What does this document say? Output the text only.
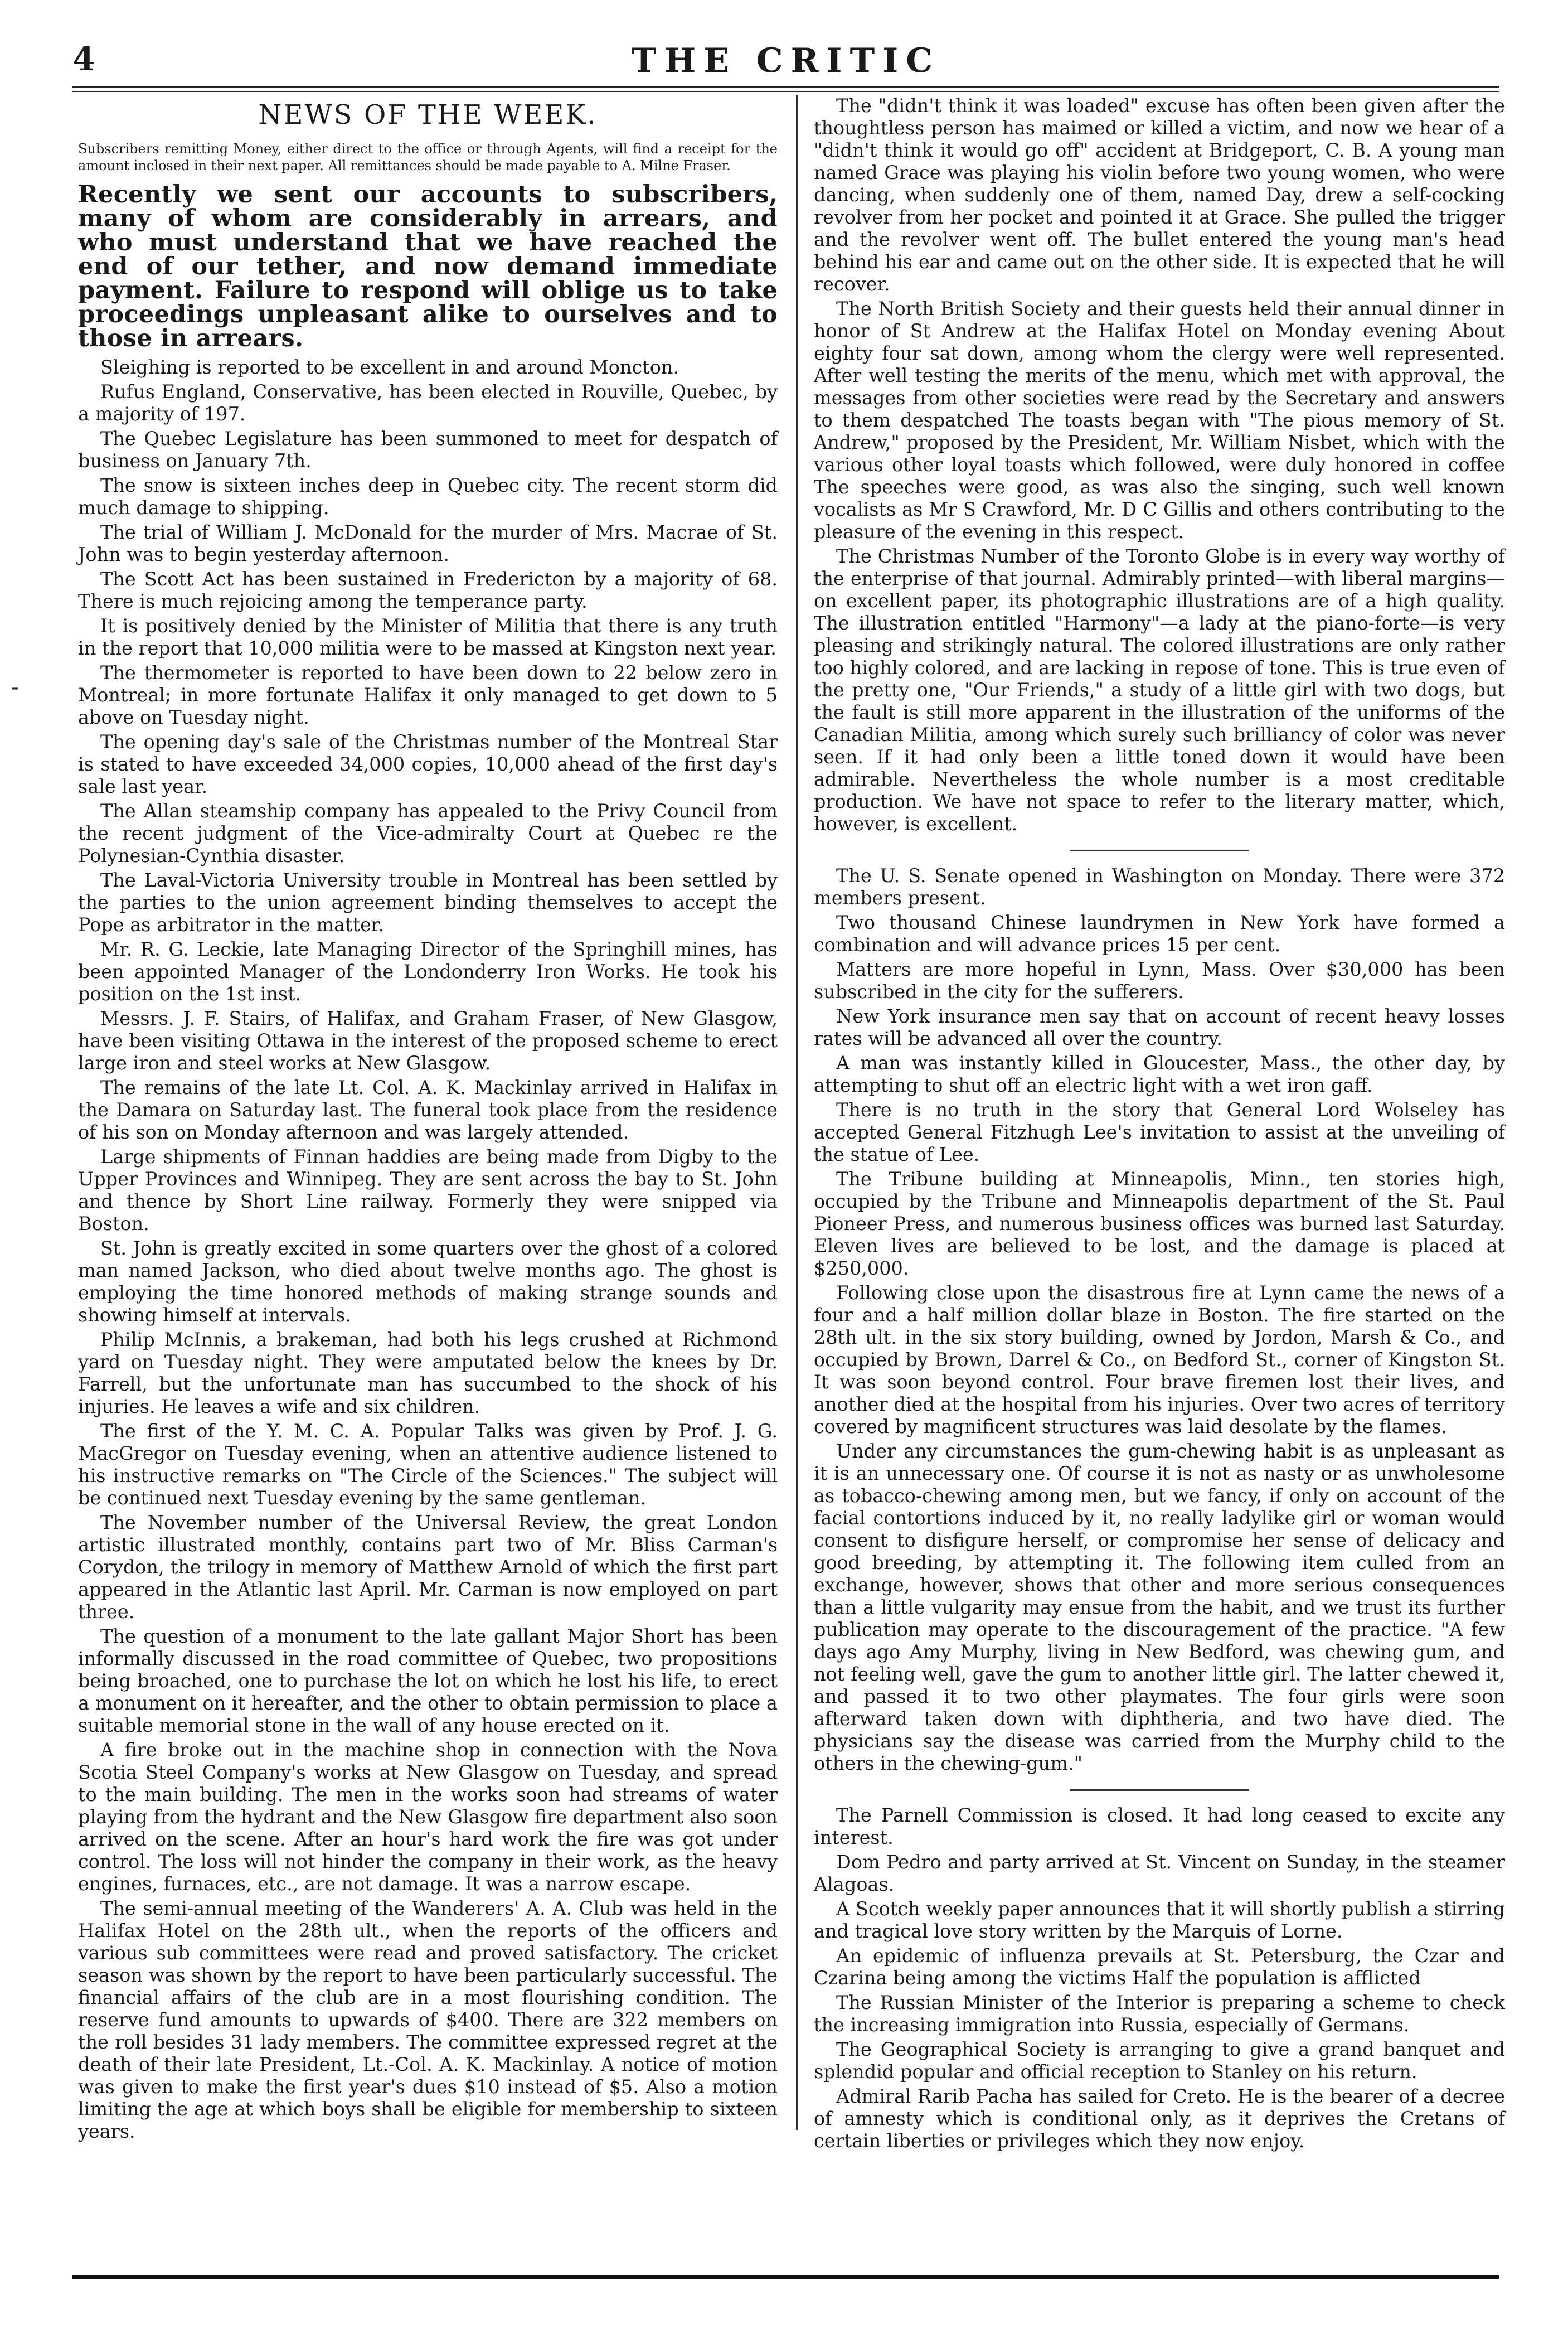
4	THE CRITIC
-
NEWS OF THE WEEK.

Subscribers remitting Money, either direct to the office or through Agents, will find a receipt for the amount inclosed in their next paper. All remittances should be made payable to A. Milne Fraser.

Recently we sent our accounts to subscribers, many of whom are considerably in arrears, and who must understand that we have reached the end of our tether, and now demand immediate payment. Failure to respond will oblige us to take proceedings unpleasant alike to ourselves and to those in arrears.

Sleighing is reported to be excellent in and around Moncton.

Rufus England, Conservative, has been elected in Rouville, Quebec, by a majority of 197.

The Quebec Legislature has been summoned to meet for despatch of business on January 7th.

The snow is sixteen inches deep in Quebec city. The recent storm did much damage to shipping.

The trial of William J. McDonald for the murder of Mrs. Macrae of St. John was to begin yesterday afternoon.

The Scott Act has been sustained in Fredericton by a majority of 68. There is much rejoicing among the temperance party.

It is positively denied by the Minister of Militia that there is any truth in the report that 10,000 militia were to be massed at Kingston next year.

The thermometer is reported to have been down to 22 below zero in Montreal; in more fortunate Halifax it only managed to get down to 5 above on Tuesday night.

The opening day's sale of the Christmas number of the Montreal Star is stated to have exceeded 34,000 copies, 10,000 ahead of the first day's sale last year.

The Allan steamship company has appealed to the Privy Council from the recent judgment of the Vice-admiralty Court at Quebec re the Polynesian-Cynthia disaster.

The Laval-Victoria University trouble in Montreal has been settled by the parties to the union agreement binding themselves to accept the Pope as arbitrator in the matter.

Mr. R. G. Leckie, late Managing Director of the Springhill mines, has been appointed Manager of the Londonderry Iron Works. He took his position on the 1st inst.

Messrs. J. F. Stairs, of Halifax, and Graham Fraser, of New Glasgow, have been visiting Ottawa in the interest of the proposed scheme to erect large iron and steel works at New Glasgow.

The remains of the late Lt. Col. A. K. Mackinlay arrived in Halifax in the Damara on Saturday last. The funeral took place from the residence of his son on Monday afternoon and was largely attended.

Large shipments of Finnan haddies are being made from Digby to the Upper Provinces and Winnipeg. They are sent across the bay to St. John and thence by Short Line railway. Formerly they were snipped via Boston.

St. John is greatly excited in some quarters over the ghost of a colored man named Jackson, who died about twelve months ago. The ghost is employing the time honored methods of making strange sounds and showing himself at intervals.

Philip McInnis, a brakeman, had both his legs crushed at Richmond yard on Tuesday night. They were amputated below the knees by Dr. Farrell, but the unfortunate man has succumbed to the shock of his injuries. He leaves a wife and six children.

The first of the Y. M. C. A. Popular Talks was given by Prof. J. G. MacGregor on Tuesday evening, when an attentive audience listened to his instructive remarks on "The Circle of the Sciences." The subject will be continued next Tuesday evening by the same gentleman.

The November number of the Universal Review, the great London artistic illustrated monthly, contains part two of Mr. Bliss Carman's Corydon, the trilogy in memory of Matthew Arnold of which the first part appeared in the Atlantic last April. Mr. Carman is now employed on part three.

The question of a monument to the late gallant Major Short has been informally discussed in the road committee of Quebec, two propositions being broached, one to purchase the lot on which he lost his life, to erect a monument on it hereafter, and the other to obtain permission to place a suitable memorial stone in the wall of any house erected on it.

A fire broke out in the machine shop in connection with the Nova Scotia Steel Company's works at New Glasgow on Tuesday, and spread to the main building. The men in the works soon had streams of water playing from the hydrant and the New Glasgow fire department also soon arrived on the scene. After an hour's hard work the fire was got under control. The loss will not hinder the company in their work, as the heavy engines, furnaces, etc., are not damage. It was a narrow escape.

The semi-annual meeting of the Wanderers' A. A. Club was held in the Halifax Hotel on the 28th ult., when the reports of the officers and various sub committees were read and proved satisfactory. The cricket season was shown by the report to have been particularly successful. The financial affairs of the club are in a most flourishing condition. The reserve fund amounts to upwards of $400. There are 322 members on the roll besides 31 lady members. The committee expressed regret at the death of their late President, Lt.-Col. A. K. Mackinlay. A notice of motion was given to make the first year's dues $10 instead of $5. Also a motion limiting the age at which boys shall be eligible for membership to sixteen years.

The "didn't think it was loaded" excuse has often been given after the thoughtless person has maimed or killed a victim, and now we hear of a "didn't think it would go off" accident at Bridgeport, C. B. A young man named Grace was playing his violin before two young women, who were dancing, when suddenly one of them, named Day, drew a self-cocking revolver from her pocket and pointed it at Grace. She pulled the trigger and the revolver went off. The bullet entered the young man's head behind his ear and came out on the other side. It is expected that he will recover.

The North British Society and their guests held their annual dinner in honor of St Andrew at the Halifax Hotel on Monday evening About eighty four sat down, among whom the clergy were well represented. After well testing the merits of the menu, which met with approval, the messages from other societies were read by the Secretary and answers to them despatched The toasts began with "The pious memory of St. Andrew," proposed by the President, Mr. William Nisbet, which with the various other loyal toasts which followed, were duly honored in coffee The speeches were good, as was also the singing, such well known vocalists as Mr S Crawford, Mr. D C Gillis and others contributing to the pleasure of the evening in this respect.

The Christmas Number of the Toronto Globe is in every way worthy of the enterprise of that journal. Admirably printed—with liberal margins—on excellent paper, its photographic illustrations are of a high quality. The illustration entitled "Harmony"—a lady at the piano-forte—is very pleasing and strikingly natural. The colored illustrations are only rather too highly colored, and are lacking in repose of tone. This is true even of the pretty one, "Our Friends," a study of a little girl with two dogs, but the fault is still more apparent in the illustration of the uniforms of the Canadian Militia, among which surely such brilliancy of color was never seen. If it had only been a little toned down it would have been admirable. Nevertheless the whole number is a most creditable production. We have not space to refer to the literary matter, which, however, is excellent.

The U. S. Senate opened in Washington on Monday. There were 372 members present.

Two thousand Chinese laundrymen in New York have formed a combination and will advance prices 15 per cent.

Matters are more hopeful in Lynn, Mass. Over $30,000 has been subscribed in the city for the sufferers.

New York insurance men say that on account of recent heavy losses rates will be advanced all over the country.

A man was instantly killed in Gloucester, Mass., the other day, by attempting to shut off an electric light with a wet iron gaff.

There is no truth in the story that General Lord Wolseley has accepted General Fitzhugh Lee's invitation to assist at the unveiling of the statue of Lee.

The Tribune building at Minneapolis, Minn., ten stories high, occupied by the Tribune and Minneapolis department of the St. Paul Pioneer Press, and numerous business offices was burned last Saturday. Eleven lives are believed to be lost, and the damage is placed at $250,000.

Following close upon the disastrous fire at Lynn came the news of a four and a half million dollar blaze in Boston. The fire started on the 28th ult. in the six story building, owned by Jordon, Marsh & Co., and occupied by Brown, Darrel & Co., on Bedford St., corner of Kingston St. It was soon beyond control. Four brave firemen lost their lives, and another died at the hospital from his injuries. Over two acres of territory covered by magnificent structures was laid desolate by the flames.

Under any circumstances the gum-chewing habit is as unpleasant as it is an unnecessary one. Of course it is not as nasty or as unwholesome as tobacco-chewing among men, but we fancy, if only on account of the facial contortions induced by it, no really ladylike girl or woman would consent to disfigure herself, or compromise her sense of delicacy and good breeding, by attempting it. The following item culled from an exchange, however, shows that other and more serious consequences than a little vulgarity may ensue from the habit, and we trust its further publication may operate to the discouragement of the practice. "A few days ago Amy Murphy, living in New Bedford, was chewing gum, and not feeling well, gave the gum to another little girl. The latter chewed it, and passed it to two other playmates. The four girls were soon afterward taken down with diphtheria, and two have died. The physicians say the disease was carried from the Murphy child to the others in the chewing-gum."

The Parnell Commission is closed. It had long ceased to excite any interest.

Dom Pedro and party arrived at St. Vincent on Sunday, in the steamer Alagoas.

A Scotch weekly paper announces that it will shortly publish a stirring and tragical love story written by the Marquis of Lorne.

An epidemic of influenza prevails at St. Petersburg, the Czar and Czarina being among the victims Half the population is afflicted

The Russian Minister of the Interior is preparing a scheme to check the increasing immigration into Russia, especially of Germans.

The Geographical Society is arranging to give a grand banquet and splendid popular and official reception to Stanley on his return.

Admiral Rarib Pacha has sailed for Creto. He is the bearer of a decree of amnesty which is conditional only, as it deprives the Cretans of certain liberties or privileges which they now enjoy.
